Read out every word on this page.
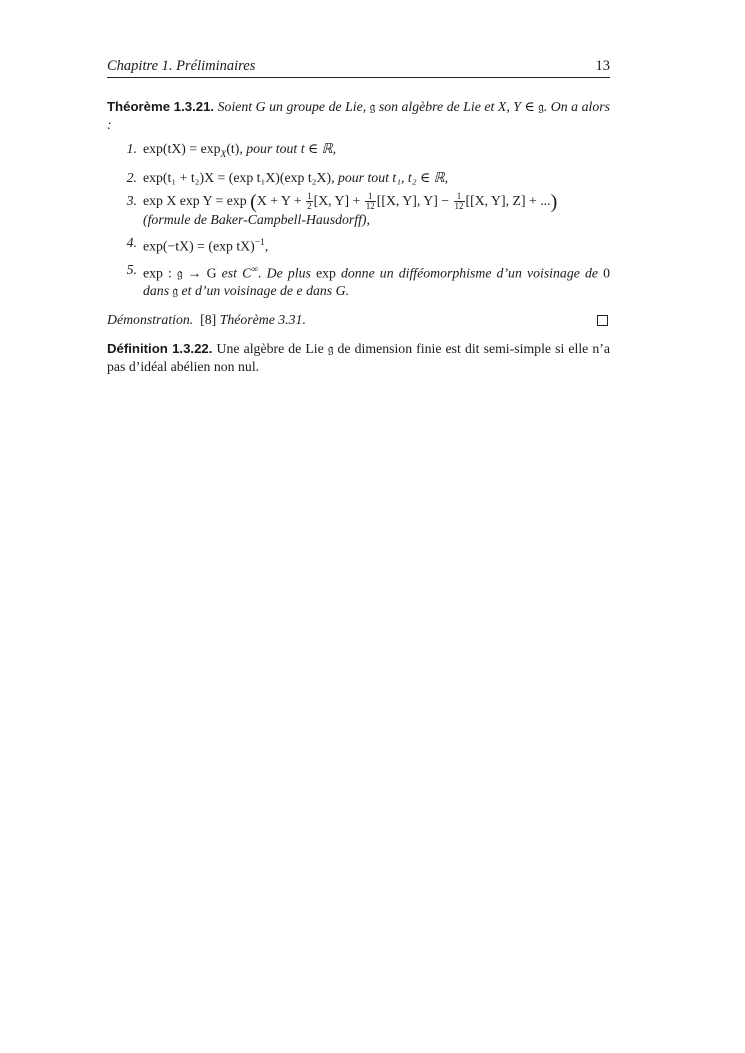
Chapitre 1. Préliminaires	13
Théorème 1.3.21. Soient G un groupe de Lie, 𝔤 son algèbre de Lie et X, Y ∈ 𝔤. On a alors :
1. $\exp(tX) = \exp_X(t)$, pour tout t ∈ ℝ,
2. exp(t₁ + t₂)X = (exp t₁X)(exp t₂X), pour tout t₁, t₂ ∈ ℝ,
3. exp X $\exp Y = \exp (X + Y + \frac{1}{2} [X$, $Y] + \frac{1}{12} [[X$, Y], $Y] - \frac{1}{12} [[X$, Y], Z] + ...)
(formule de Baker-Campbell-Hausdorff),
4. exp(−tX) = (exp tX)$^{-1}$,
5. exp : 𝔤 → G est C∞. De plus exp donne un difféomorphisme d’un voisinage de 0 dans 𝔤 et d’un voisinage de e dans G.
Démonstration. [8] Théorème 3.31.
Définition 1.3.22. Une algèbre de Lie 𝔤 de dimension finie est dit semi-simple si elle n’a pas d’idéal abélien non nul.
